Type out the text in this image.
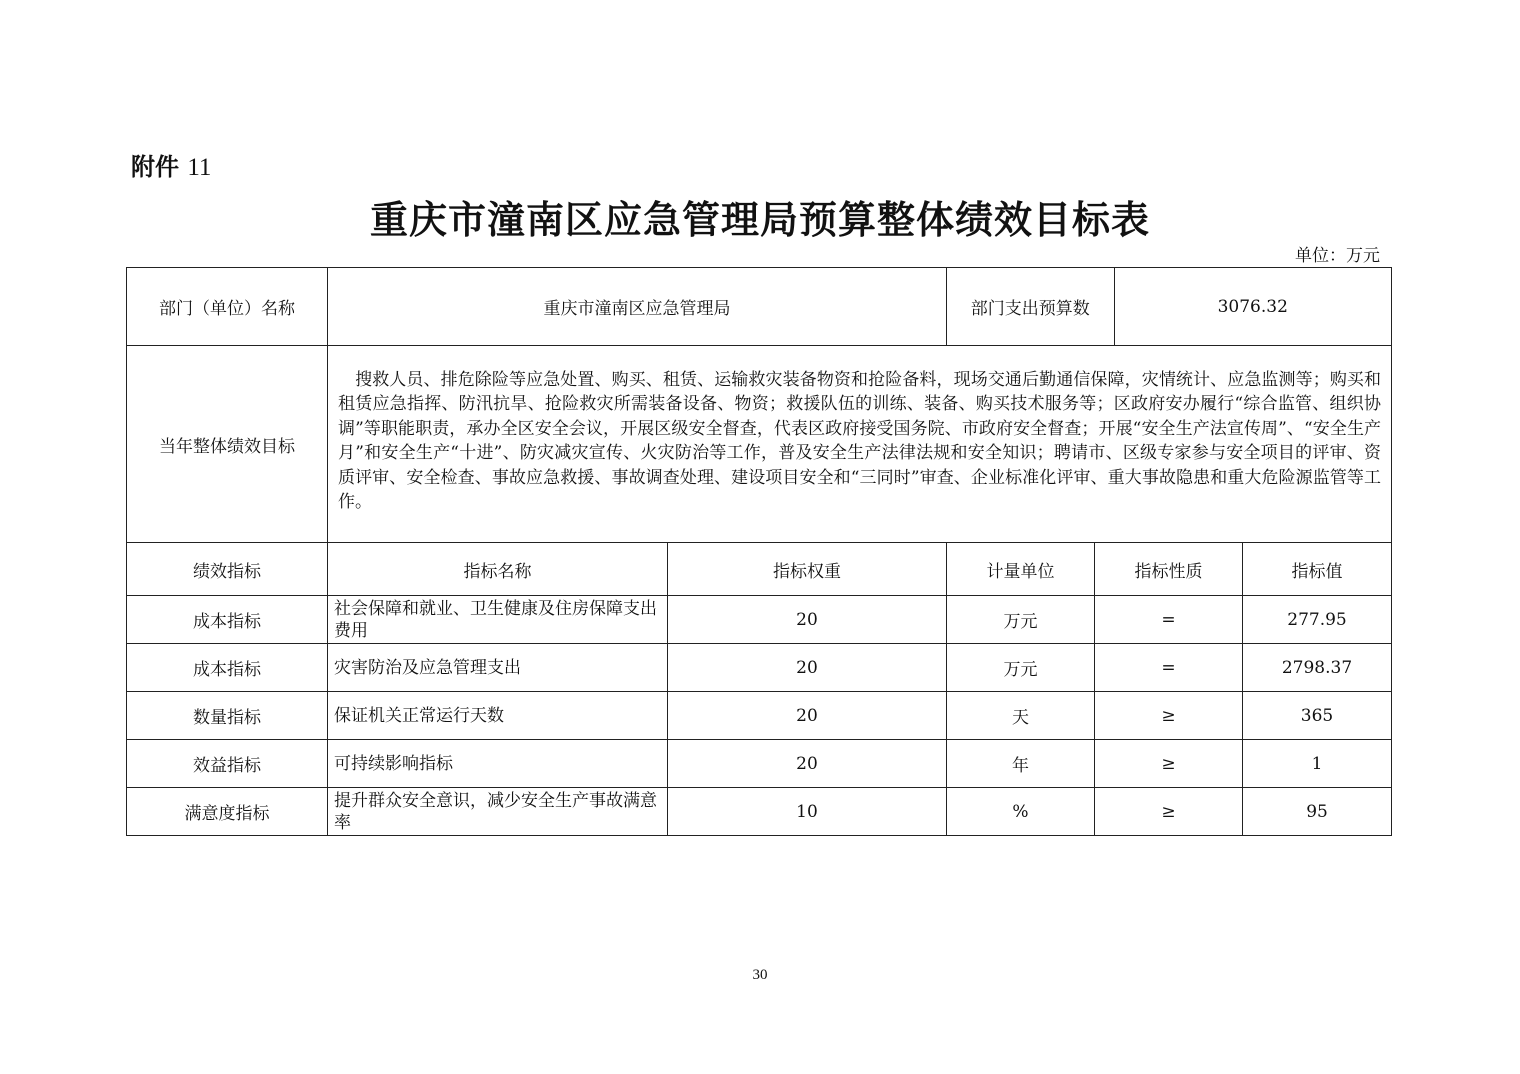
附件 11
重庆市潼南区应急管理局预算整体绩效目标表
单位：万元
部门（单位）名称	重庆市潼南区应急管理局		部门支出预算数	3076.32

当年整体绩效目标	搜救人员、排危除险等应急处置、购买、租赁、运输救灾装备物资和抢险备料，现场交通后勤通信保障，灾情统计、应急监测等；购买和租赁应急指挥、防汛抗旱、抢险救灾所需装备设备、物资；救援队伍的训练、装备、购买技术服务等；区政府安办履行“综合监管、组织协调”等职能职责，承办全区安全会议，开展区级安全督查，代表区政府接受国务院、市政府安全督查；开展“安全生产法宣传周”、“安全生产月”和安全生产“十进”、防灾减灾宣传、火灾防治等工作，普及安全生产法律法规和安全知识；聘请市、区级专家参与安全项目的评审、资质评审、安全检查、事故应急救援、事故调查处理、建设项目安全和“三同时”审查、企业标准化评审、重大事故隐患和重大危险源监管等工作。
绩效指标	指标名称	指标权重	计量单位	指标性质	指标值
成本指标	社会保障和就业、卫生健康及住房保障支出费用	20	万元	=	277.95
成本指标	灾害防治及应急管理支出	20	万元	=	2798.37
数量指标	保证机关正常运行天数	20	天	≥	365
效益指标	可持续影响指标	20	年	≥	1
满意度指标	提升群众安全意识，减少安全生产事故满意率	10	%	≥	95
30
